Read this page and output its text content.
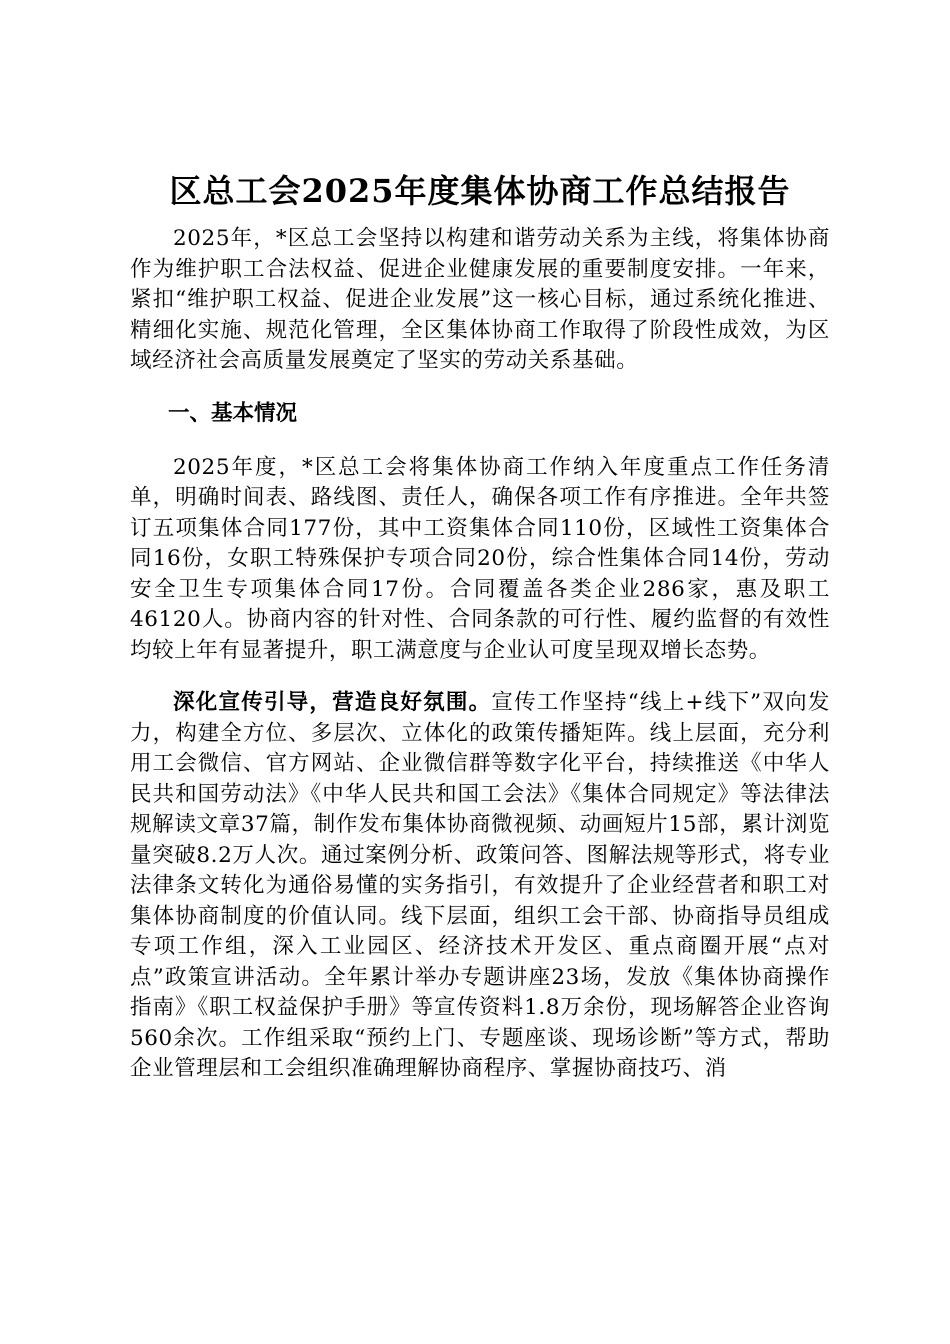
区总工会2025年度集体协商工作总结报告

2025年，*区总工会坚持以构建和谐劳动关系为主线，将集体协商作为维护职工合法权益、促进企业健康发展的重要制度安排。一年来，紧扣“维护职工权益、促进企业发展”这一核心目标，通过系统化推进、精细化实施、规范化管理，全区集体协商工作取得了阶段性成效，为区域经济社会高质量发展奠定了坚实的劳动关系基础。

一、基本情况

2025年度，*区总工会将集体协商工作纳入年度重点工作任务清单，明确时间表、路线图、责任人，确保各项工作有序推进。全年共签订五项集体合同177份，其中工资集体合同110份，区域性工资集体合同16份，女职工特殊保护专项合同20份，综合性集体合同14份，劳动安全卫生专项集体合同17份。合同覆盖各类企业286家，惠及职工46120人。协商内容的针对性、合同条款的可行性、履约监督的有效性均较上年有显著提升，职工满意度与企业认可度呈现双增长态势。

深化宣传引导，营造良好氛围。宣传工作坚持“线上+线下”双向发力，构建全方位、多层次、立体化的政策传播矩阵。线上层面，充分利用工会微信、官方网站、企业微信群等数字化平台，持续推送《中华人民共和国劳动法》《中华人民共和国工会法》《集体合同规定》等法律法规解读文章37篇，制作发布集体协商微视频、动画短片15部，累计浏览量突破8.2万人次。通过案例分析、政策问答、图解法规等形式，将专业法律条文转化为通俗易懂的实务指引，有效提升了企业经营者和职工对集体协商制度的价值认同。线下层面，组织工会干部、协商指导员组成专项工作组，深入工业园区、经济技术开发区、重点商圈开展“点对点”政策宣讲活动。全年累计举办专题讲座23场，发放《集体协商操作指南》《职工权益保护手册》等宣传资料1.8万余份，现场解答企业咨询560余次。工作组采取“预约上门、专题座谈、现场诊断”等方式，帮助企业管理层和工会组织准确理解协商程序、掌握协商技巧、消
